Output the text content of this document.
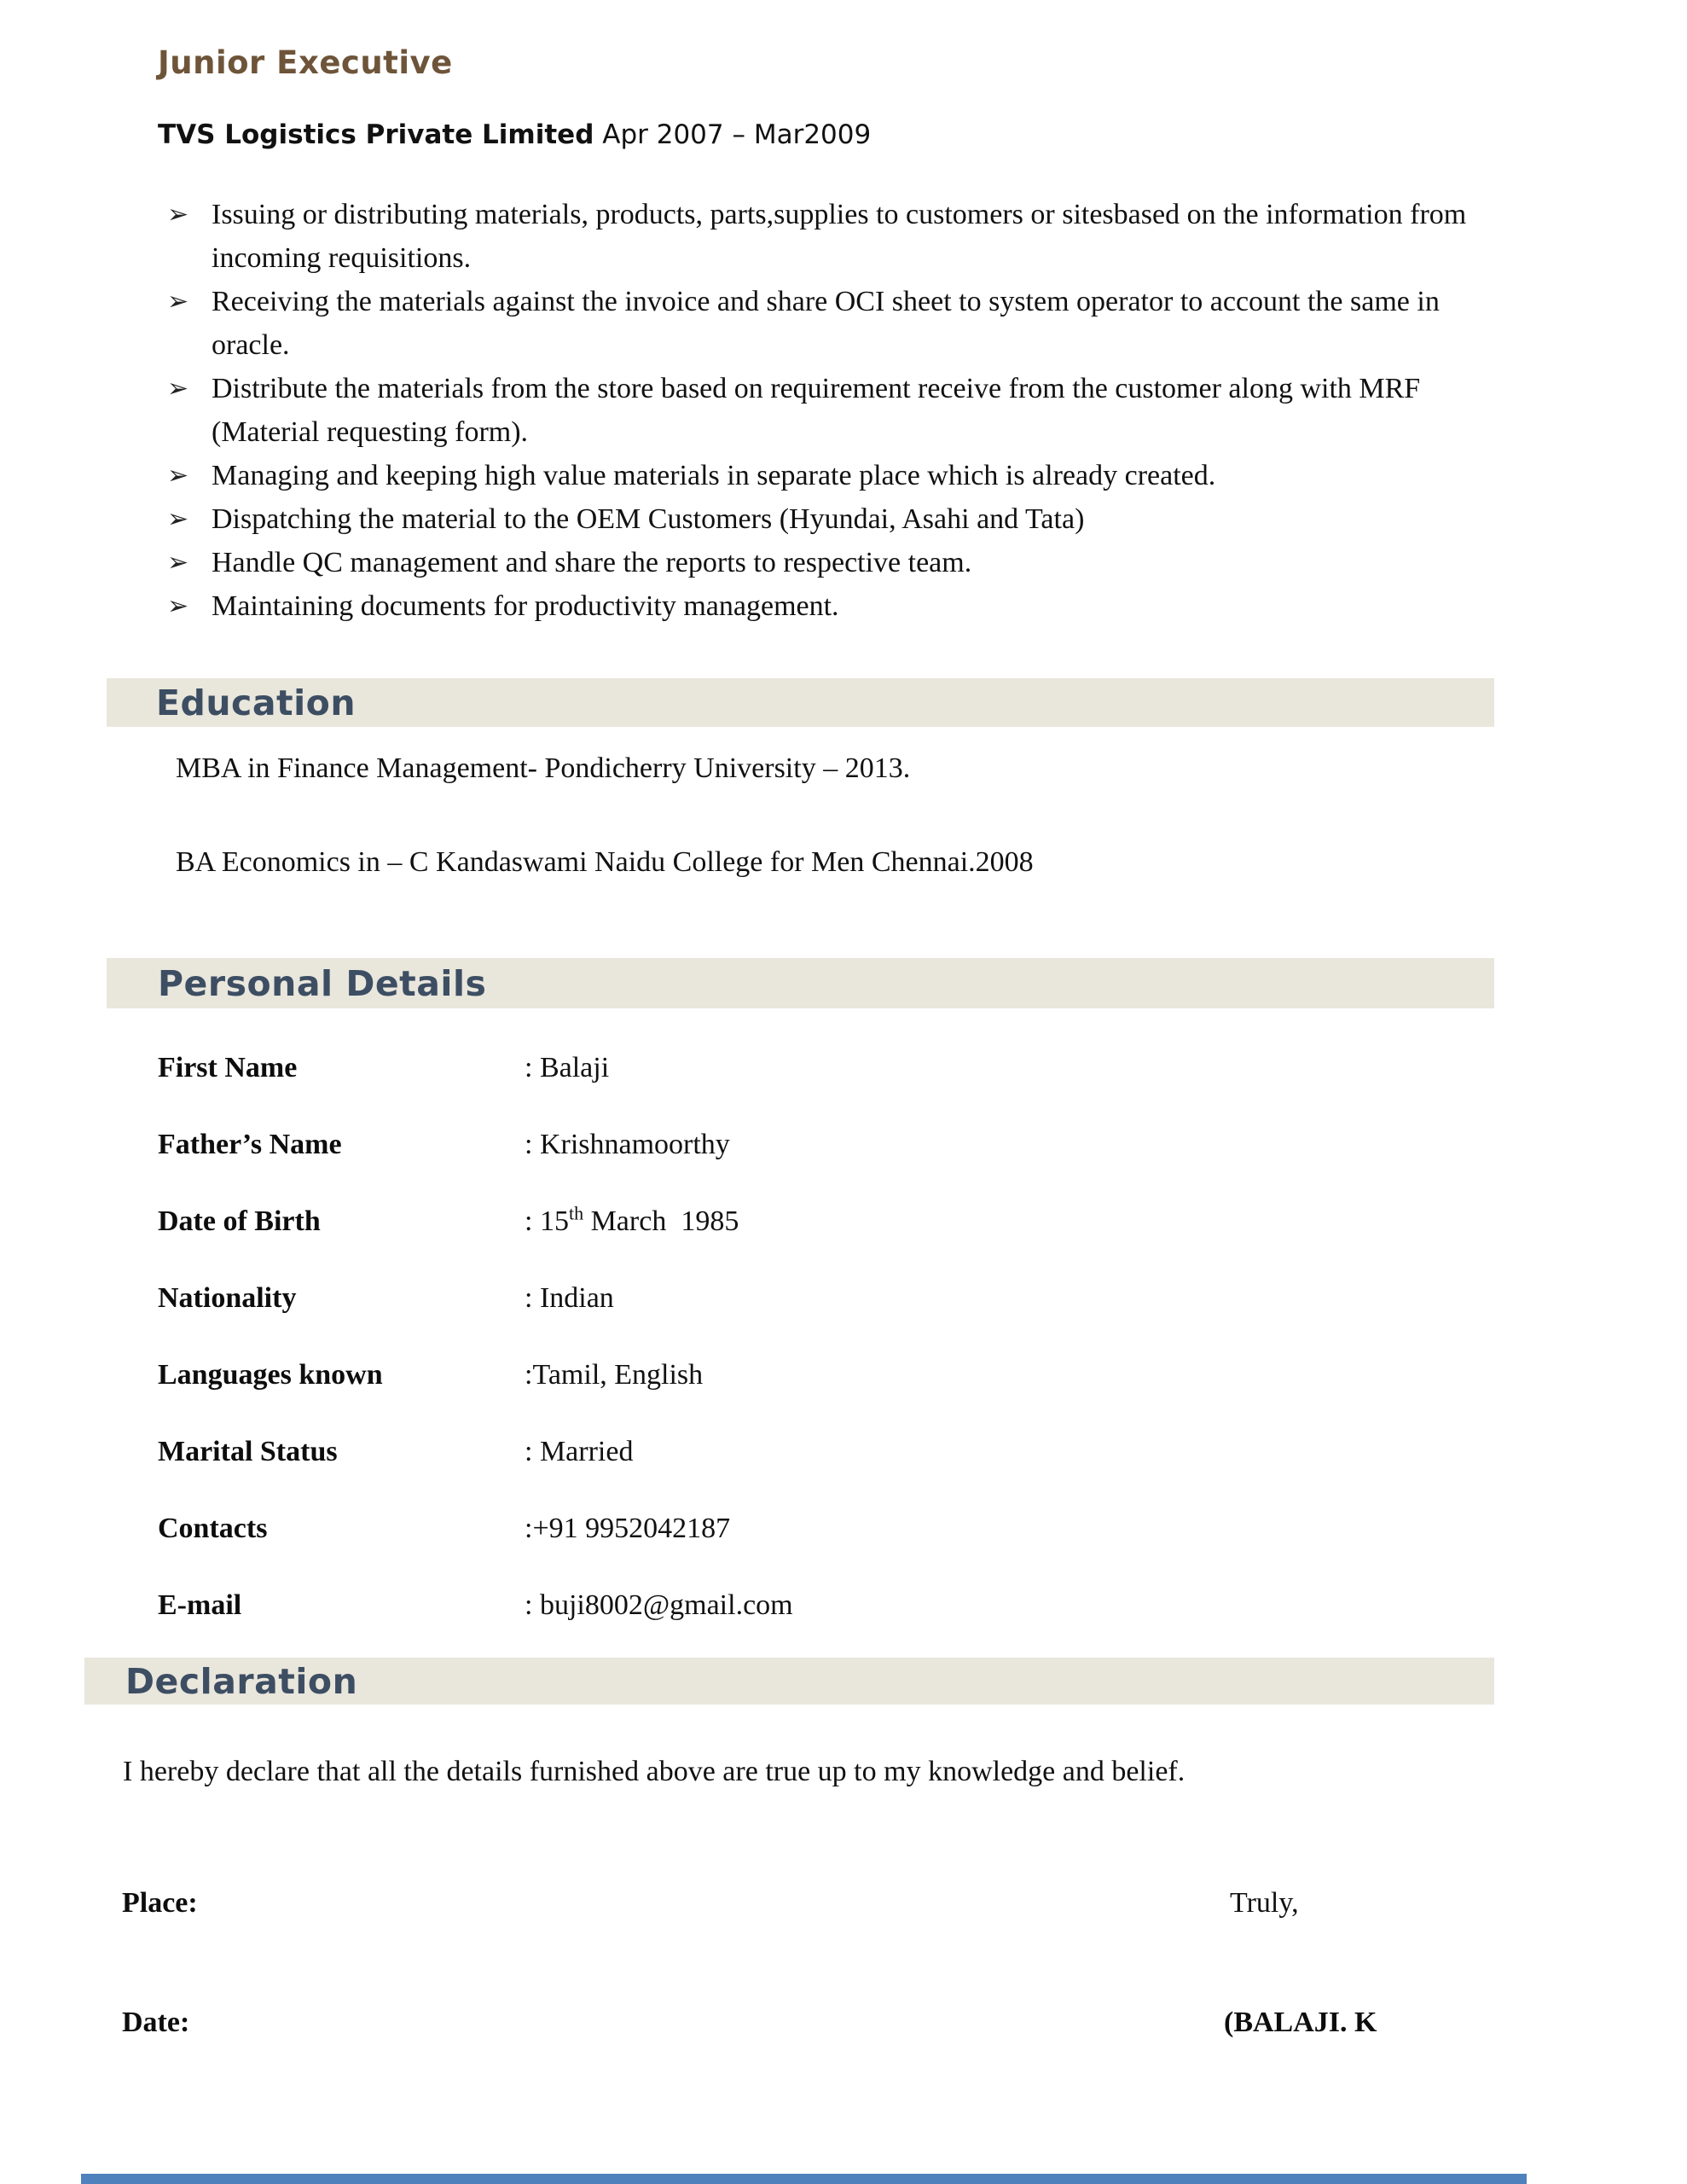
Junior Executive
TVS Logistics Private Limited Apr 2007 – Mar2009
➢ Issuing or distributing materials, products, parts,supplies to customers or sitesbased on the information from incoming requisitions.
➢ Receiving the materials against the invoice and share OCI sheet to system operator to account the same in oracle.
➢ Distribute the materials from the store based on requirement receive from the customer along with MRF (Material requesting form).
➢ Managing and keeping high value materials in separate place which is already created.
➢ Dispatching the material to the OEM Customers (Hyundai, Asahi and Tata)
➢ Handle QC management and share the reports to respective team.
➢ Maintaining documents for productivity management.
Education
MBA in Finance Management- Pondicherry University – 2013.
BA Economics in – C Kandaswami Naidu College for Men Chennai.2008
Personal Details
First Name	: Balaji
Father’s Name	: Krishnamoorthy
Date of Birth	: 15th March  1985
Nationality	: Indian
Languages known	:Tamil, English
Marital Status	: Married
Contacts	:+91 9952042187
E-mail	: buji8002@gmail.com
Declaration
I hereby declare that all the details furnished above are true up to my knowledge and belief.
Place:	Truly,
Date:	(BALAJI. K
